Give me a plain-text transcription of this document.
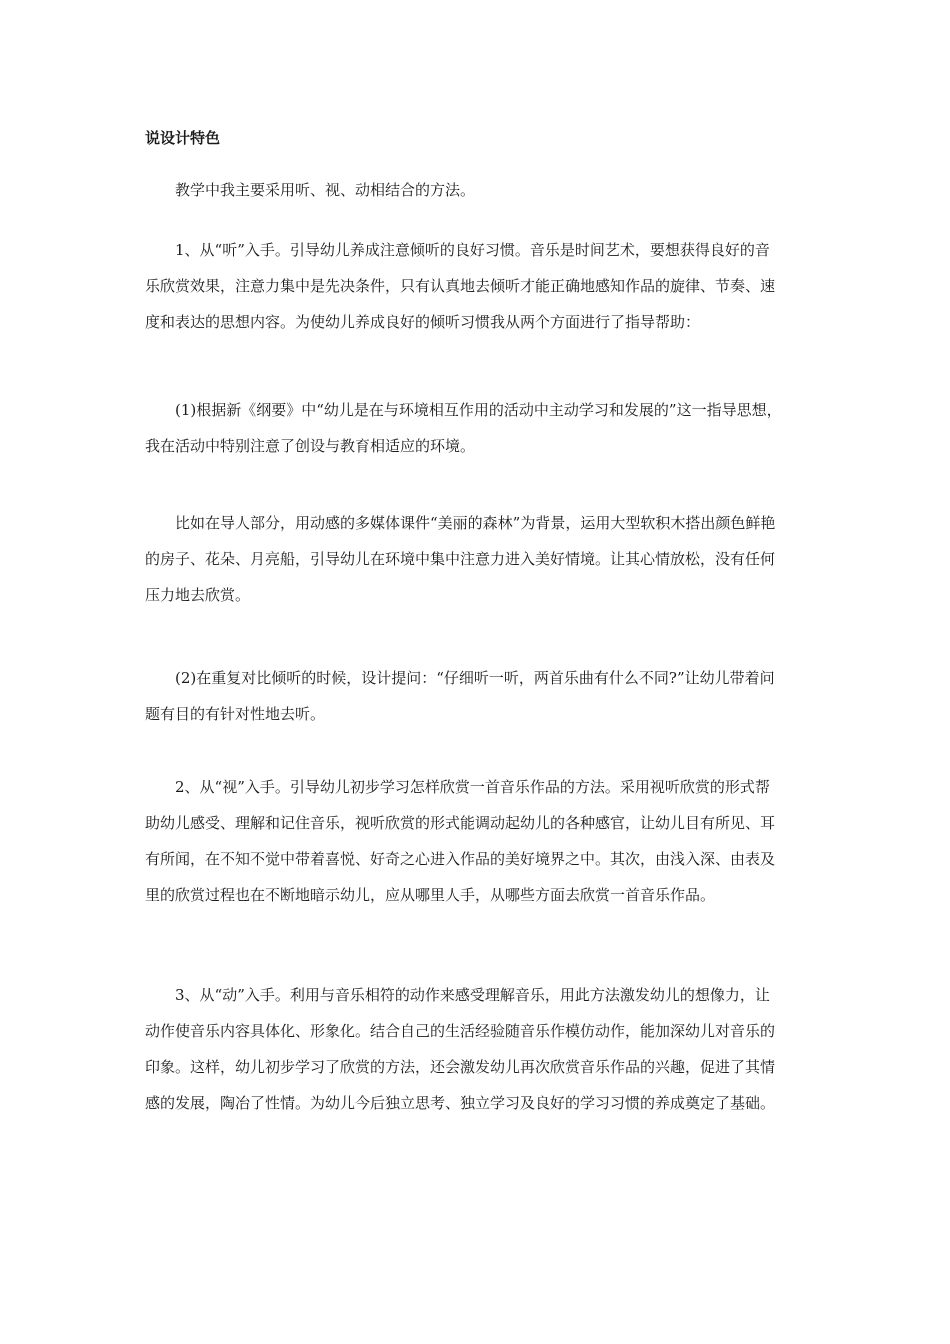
说设计特色

教学中我主要采用听、视、动相结合的方法。

1、从“听”入手。引导幼儿养成注意倾听的良好习惯。音乐是时间艺术，要想获得良好的音
乐欣赏效果，注意力集中是先决条件，只有认真地去倾听才能正确地感知作品的旋律、节奏、速
度和表达的思想内容。为使幼儿养成良好的倾听习惯我从两个方面进行了指导帮助：

(1)根据新《纲要》中“幼儿是在与环境相互作用的活动中主动学习和发展的”这一指导思想，
我在活动中特别注意了创设与教育相适应的环境。

比如在导人部分，用动感的多媒体课件“美丽的森林”为背景，运用大型软积木搭出颜色鲜艳
的房子、花朵、月亮船，引导幼儿在环境中集中注意力进入美好情境。让其心情放松，没有任何
压力地去欣赏。

(2)在重复对比倾听的时候，设计提问：“仔细听一听，两首乐曲有什么不同?”让幼儿带着问
题有目的有针对性地去听。

2、从“视”入手。引导幼儿初步学习怎样欣赏一首音乐作品的方法。采用视听欣赏的形式帮
助幼儿感受、理解和记住音乐，视听欣赏的形式能调动起幼儿的各种感官，让幼儿目有所见、耳
有所闻，在不知不觉中带着喜悦、好奇之心进入作品的美好境界之中。其次，由浅入深、由表及
里的欣赏过程也在不断地暗示幼儿，应从哪里人手，从哪些方面去欣赏一首音乐作品。

3、从“动”入手。利用与音乐相符的动作来感受理解音乐，用此方法激发幼儿的想像力，让
动作使音乐内容具体化、形象化。结合自己的生活经验随音乐作模仿动作，能加深幼儿对音乐的
印象。这样，幼儿初步学习了欣赏的方法，还会激发幼儿再次欣赏音乐作品的兴趣，促进了其情
感的发展，陶冶了性情。为幼儿今后独立思考、独立学习及良好的学习习惯的养成奠定了基础。
